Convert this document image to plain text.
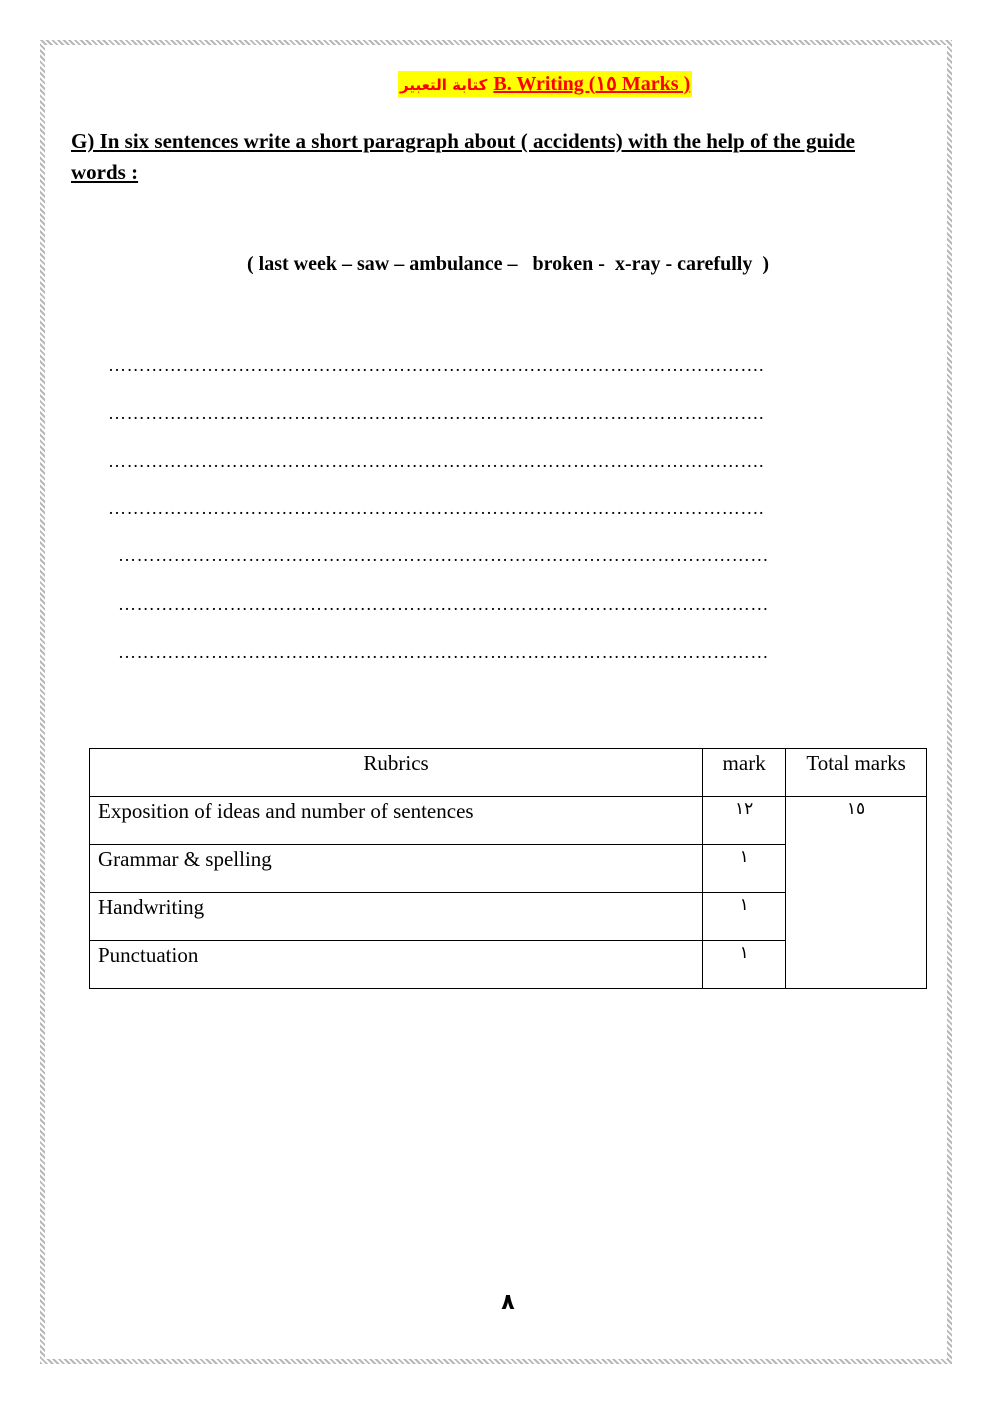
كتابة التعبير B. Writing (١٥ Marks )
G) In six sentences write a short paragraph about ( accidents) with the help of the guide words :
( last week – saw – ambulance –   broken -  x-ray - carefully  )
…………………………………………………………………………………………….
…………………………………………………………………………………………….
…………………………………………………………………………………………….
…………………………………………………………………………………………….
……………………………………………………………………………………………
……………………………………………………………………………………………
……………………………………………………………………………………………
Rubrics	mark	Total marks
Exposition of ideas and number of sentences	١٢	١٥
Grammar & spelling	١	
Handwriting	١	
Punctuation	١	
٨
